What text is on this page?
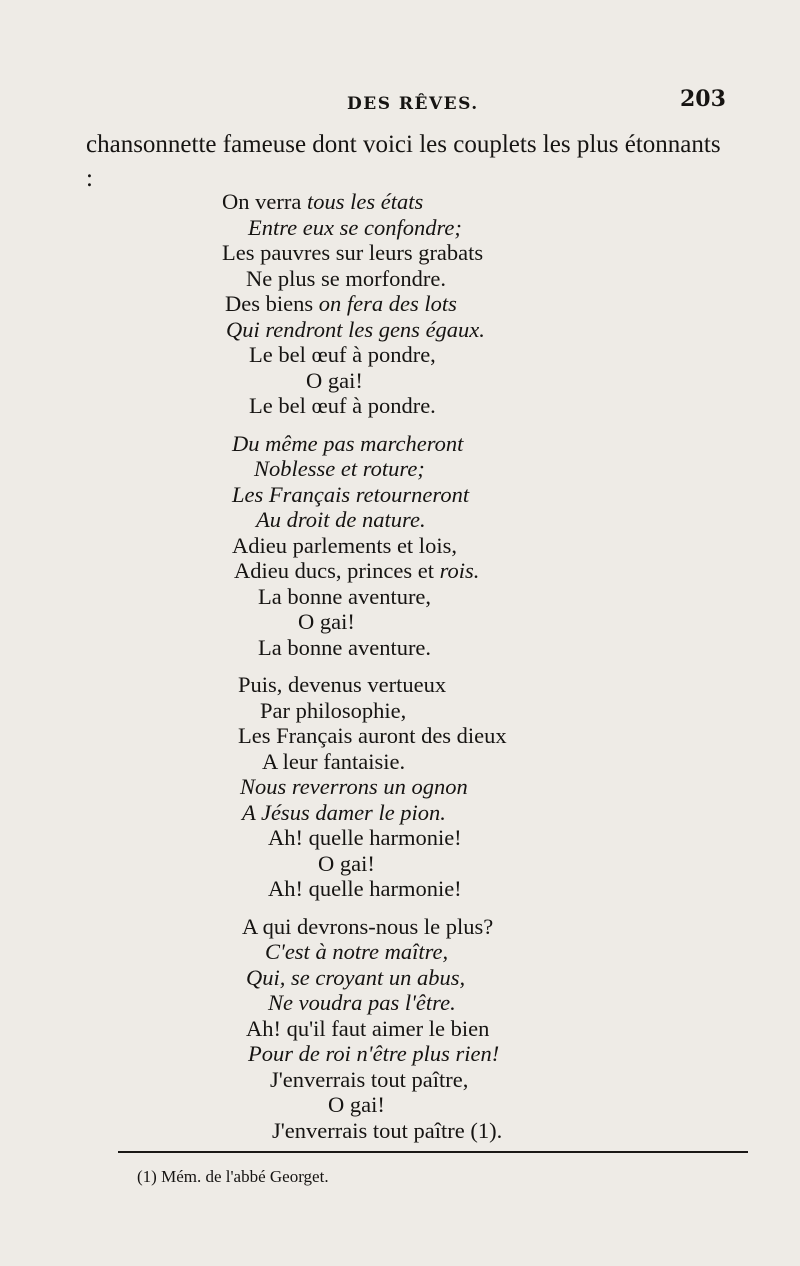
DES RÊVES.	203
chansonnette fameuse dont voici les couplets les plus étonnants :
On verra tous les états
Entre eux se confondre;
Les pauvres sur leurs grabats
Ne plus se morfondre.
Des biens on fera des lots
Qui rendront les gens égaux.
Le bel œuf à pondre,
O gai!
Le bel œuf à pondre.
Du même pas marcheront
Noblesse et roture;
Les Français retourneront
Au droit de nature.
Adieu parlements et lois,
Adieu ducs, princes et rois.
La bonne aventure,
O gai!
La bonne aventure.
Puis, devenus vertueux
Par philosophie,
Les Français auront des dieux
A leur fantaisie.
Nous reverrons un ognon
A Jésus damer le pion.
Ah! quelle harmonie!
O gai!
Ah! quelle harmonie!
A qui devrons-nous le plus?
C'est à notre maître,
Qui, se croyant un abus,
Ne voudra pas l'être.
Ah! qu'il faut aimer le bien
Pour de roi n'être plus rien!
J'enverrais tout paître,
O gai!
J'enverrais tout paître (1).
(1) Mém. de l'abbé Georget.
